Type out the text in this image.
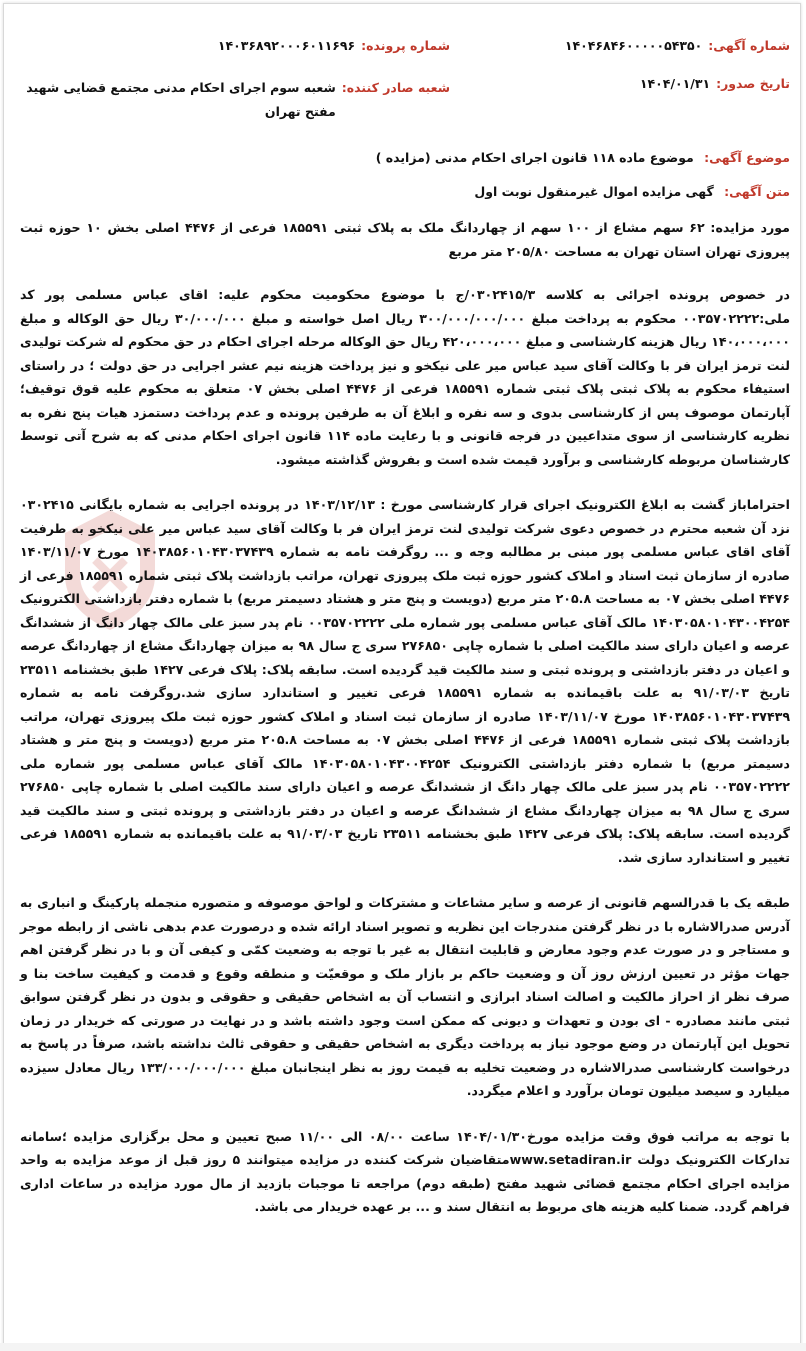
شماره آگهی:
۱۴۰۴۶۸۴۶۰۰۰۰۰۵۴۳۵۰
شماره پرونده:
۱۴۰۳۶۸۹۲۰۰۰۶۰۱۱۶۹۶
تاریخ صدور:
۱۴۰۴/۰۱/۳۱
شعبه صادر کننده:
شعبه سوم اجرای احکام مدنی مجتمع قضایی شهید مفتح تهران
موضوع آگهی: موضوع ماده ۱۱۸ قانون اجرای احکام مدنی (مزایده )
متن آگهی: گهی مزایده اموال غیرمنقول نوبت اول

مورد مزایده: ۶۲ سهم مشاع از ۱۰۰ سهم از چهاردانگ ملک به پلاک ثبتی ۱۸۵۵۹۱ فرعی از ۴۴۷۶ اصلی بخش ۱۰ حوزه ثبت پیروزی تهران استان تهران به مساحت ۲۰۵/۸۰ متر مربع

در خصوص پرونده اجرائی به کلاسه ۰۳۰۲۴۱۵/۳/ج با موضوع محکومیت محکوم علیه: اقای عباس مسلمی پور کد ملی:۰۰۳۵۷۰۲۲۲۲ محکوم به پرداخت مبلغ ۳۰۰/۰۰۰/۰۰۰/۰۰۰ ریال اصل خواسته و مبلغ ۳۰/۰۰۰/۰۰۰ ریال حق الوکاله و مبلغ ۱۴۰،۰۰۰،۰۰۰ ریال هزینه کارشناسی و مبلغ ۴۲۰،۰۰۰،۰۰۰ ریال حق الوکاله مرحله اجرای احکام در حق محکوم له شرکت تولیدی لنت ترمز ایران فر با وکالت آقای سید عباس میر علی نیکخو و نیز پرداخت هزینه نیم عشر اجرایی در حق دولت ؛ در راستای استیفاء محکوم به پلاک ثبتی پلاک ثبتی شماره ۱۸۵۵۹۱ فرعی از ۴۴۷۶ اصلی بخش ۰۷ متعلق به محکوم علیه قوق توقیف؛ آپارتمان موصوف پس از کارشناسی بدوی و سه نفره و ابلاغ آن به طرفین پرونده و عدم پرداخت دستمزد هیات پنج نفره به نظریه کارشناسی از سوی متداعیین در فرجه قانونی و با رعایت ماده ۱۱۴ قانون اجرای احکام مدنی که به شرح آتی توسط کارشناسان مربوطه کارشناسی و برآورد قیمت شده است و بفروش گذاشته میشود.

احتراماباز گشت به ابلاغ الکترونیک اجرای قرار کارشناسی مورخ : ۱۴۰۳/۱۲/۱۳ در پرونده اجرایی به شماره بایگانی ۰۳۰۲۴۱۵ نزد آن شعبه محترم در خصوص دعوی شرکت تولیدی لنت ترمز ایران فر با وکالت آقای سید عباس میر علی نیکخو به طرفیت آقای اقای عباس مسلمی پور مبنی بر مطالبه وجه و ... روگرفت نامه به شماره ۱۴۰۳۸۵۶۰۱۰۴۳۰۳۷۴۳۹ مورخ ۱۴۰۳/۱۱/۰۷ صادره از سازمان ثبت اسناد و املاک کشور حوزه ثبت ملک پیروزی تهران، مراتب بازداشت پلاک ثبتی شماره ۱۸۵۵۹۱ فرعی از ۴۴۷۶ اصلی بخش ۰۷ به مساحت ۲۰۵.۸ متر مربع (دویست و پنج متر و هشتاد دسیمتر مربع) با شماره دفتر بازداشتی الکترونیک ۱۴۰۳۰۵۸۰۱۰۴۳۰۰۴۲۵۴ مالک آقای عباس مسلمی پور شماره ملی ۰۰۳۵۷۰۲۲۲۲ نام پدر سبز علی مالک چهار دانگ از ششدانگ عرصه و اعیان دارای سند مالکیت اصلی با شماره چاپی ۲۷۶۸۵۰ سری ج سال ۹۸ به میزان چهاردانگ مشاع از چهاردانگ عرصه و اعیان در دفتر بازداشتی و پرونده ثبتی و سند مالکیت قید گردیده است. سابقه پلاک: پلاک فرعی ۱۴۲۷ طبق بخشنامه ۲۳۵۱۱ تاریخ ۹۱/۰۳/۰۳ به علت باقیمانده به شماره ۱۸۵۵۹۱ فرعی تغییر و استاندارد سازی شد.روگرفت نامه به شماره ۱۴۰۳۸۵۶۰۱۰۴۳۰۳۷۴۳۹ مورخ ۱۴۰۳/۱۱/۰۷ صادره از سازمان ثبت اسناد و املاک کشور حوزه ثبت ملک پیروزی تهران، مراتب بازداشت پلاک ثبتی شماره ۱۸۵۵۹۱ فرعی از ۴۴۷۶ اصلی بخش ۰۷ به مساحت ۲۰۵.۸ متر مربع (دویست و پنج متر و هشتاد دسیمتر مربع) با شماره دفتر بازداشتی الکترونیک ۱۴۰۳۰۵۸۰۱۰۴۳۰۰۴۲۵۴ مالک آقای عباس مسلمی پور شماره ملی ۰۰۳۵۷۰۲۲۲۲ نام پدر سبز علی مالک چهار دانگ از ششدانگ عرصه و اعیان دارای سند مالکیت اصلی با شماره چاپی ۲۷۶۸۵۰ سری ج سال ۹۸ به میزان چهاردانگ مشاع از ششدانگ عرصه و اعیان در دفتر بازداشتی و پرونده ثبتی و سند مالکیت قید گردیده است. سابقه پلاک: پلاک فرعی ۱۴۲۷ طبق بخشنامه ۲۳۵۱۱ تاریخ ۹۱/۰۳/۰۳ به علت باقیمانده به شماره ۱۸۵۵۹۱ فرعی تغییر و استاندارد سازی شد.

طبقه یک با قدرالسهم قانونی از عرصه و سایر مشاعات و مشترکات و لواحق موصوفه و متصوره منجمله پارکینگ و انباری به آدرس صدرالاشاره با در نظر گرفتن مندرجات این نظریه و تصویر اسناد ارائه شده و درصورت عدم بدهی ناشی از رابطه موجر و مستاجر و در صورت عدم وجود معارض و قابلیت انتقال به غیر با توجه به وضعیت کمّی و کیفی آن و با در نظر گرفتن اهم جهات مؤثر در تعیین ارزش روز آن و وضعیت حاکم بر بازار ملک و موقعیّت و منطقه وقوع و قدمت و کیفیت ساخت بنا و صرف نظر از احراز مالکیت و اصالت اسناد ابرازی و انتساب آن به اشخاص حقیقی و حقوقی و بدون در نظر گرفتن سوابق ثبتی مانند مصادره - ای بودن و تعهدات و دیونی که ممکن است وجود داشته باشد و در نهایت در صورتی که خریدار در زمان تحویل این آپارتمان در وضع موجود نیاز به پرداخت دیگری به اشخاص حقیقی و حقوقی ثالث نداشته باشد، صرفاً در پاسخ به درخواست کارشناسی صدرالاشاره در وضعیت تخلیه به قیمت روز به نظر اینجانبان مبلغ ۱۳۳/۰۰۰/۰۰۰/۰۰۰ ریال معادل سیزده میلیارد و سیصد میلیون تومان برآورد و اعلام میگردد.

با توجه به مراتب فوق وقت مزایده مورخ۱۴۰۴/۰۱/۳۰ ساعت ۰۸/۰۰ الی ۱۱/۰۰ صبح تعیین و محل برگزاری مزایده ؛سامانه تدارکات الکترونیک دولت www.setadiran.irمتقاضیان شرکت کننده در مزایده میتوانند ۵ روز قبل از موعد مزایده به واحد مزایده اجرای احکام مجتمع قضائی شهید مفتح (طبقه دوم) مراجعه تا موجبات بازدید از مال مورد مزایده در ساعات اداری فراهم گردد. ضمنا کلیه هزینه های مربوط به انتقال سند و ... بر عهده خریدار می باشد.
